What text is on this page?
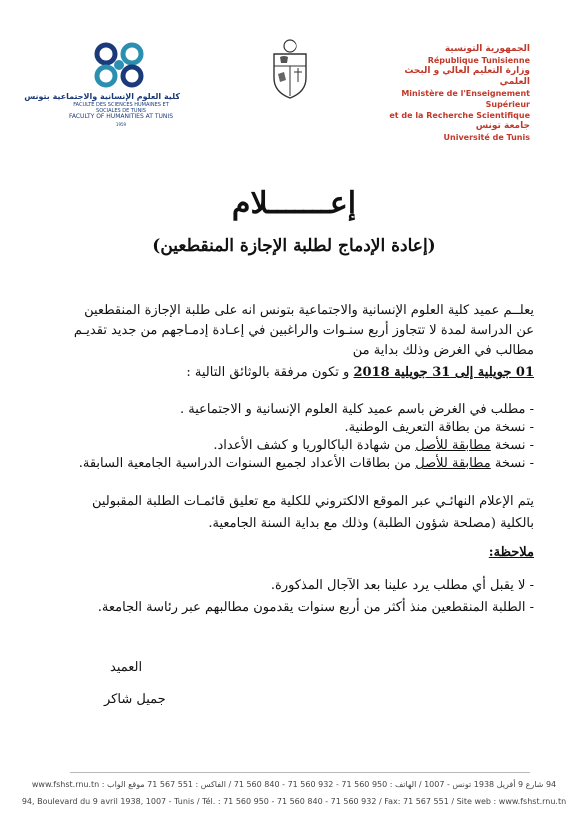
كلية العلوم الإنسانية والاجتماعية بتونس
FACULTÉ DES SCIENCES HUMAINES ET SOCIALES DE TUNIS
FACULTY OF HUMANITIES AT TUNIS
1959
الجمهورية التونسية
République Tunisienne
وزارة التعليم العالي و البحث العلمي
Ministère de l'Enseignement Supérieur
et de la Recherche Scientifique
جامعة تونس
Université de Tunis
إعـــــــلام
(إعادة الإدماج لطلبة الإجازة المنقطعين)
يعلــم عميد كلية العلوم الإنسانية والاجتماعية بتونس انه على طلبة الإجازة المنقطعين
عن الدراسة لمدة لا تتجاوز أربع سنـوات والراغبين في إعـادة إدمـاجهم من جديد تقديـم
مطالب في الغرض وذلك بداية من
01 جويلية إلى 31 جويلية 2018 و تكون مرفقة بالوثائق التالية :
- مطلب في الغرض باسم عميد كلية العلوم الإنسانية و الاجتماعية .
- نسخة من بطاقة التعريف الوطنية.
- نسخة مطابقة للأصل من شهادة الباكالوريا و كشف الأعداد.
- نسخة مطابقة للأصل من بطاقات الأعداد لجميع السنوات الدراسية الجامعية السابقة.
يتم الإعلام النهائـي عبر الموقع الالكتروني للكلية مع تعليق قائمـات الطلبة المقبولين
بالكلية (مصلحة شؤون الطلبة) وذلك مع بداية السنة الجامعية.
ملاحظة:
- لا يقبل أي مطلب يرد علينا بعد الآجال المذكورة.
- الطلبة المنقطعين منذ أكثر من أربع سنوات يقدمون مطالبهم عبر رئاسة الجامعة.
العميد
جميل شاكر
94 شارع 9 أفريل 1938 تونس - 1007 / الهاتف : 950 560 71 - 932 560 71 - 840 560 71 / الفاكس : 551 567 71 موقع الواب : www.fshst.rnu.tn
94, Boulevard du 9 avril 1938, 1007 - Tunis / Tél. : 71 560 950 - 71 560 840 - 71 560 932 / Fax: 71 567 551 / Site web : www.fshst.rnu.tn
